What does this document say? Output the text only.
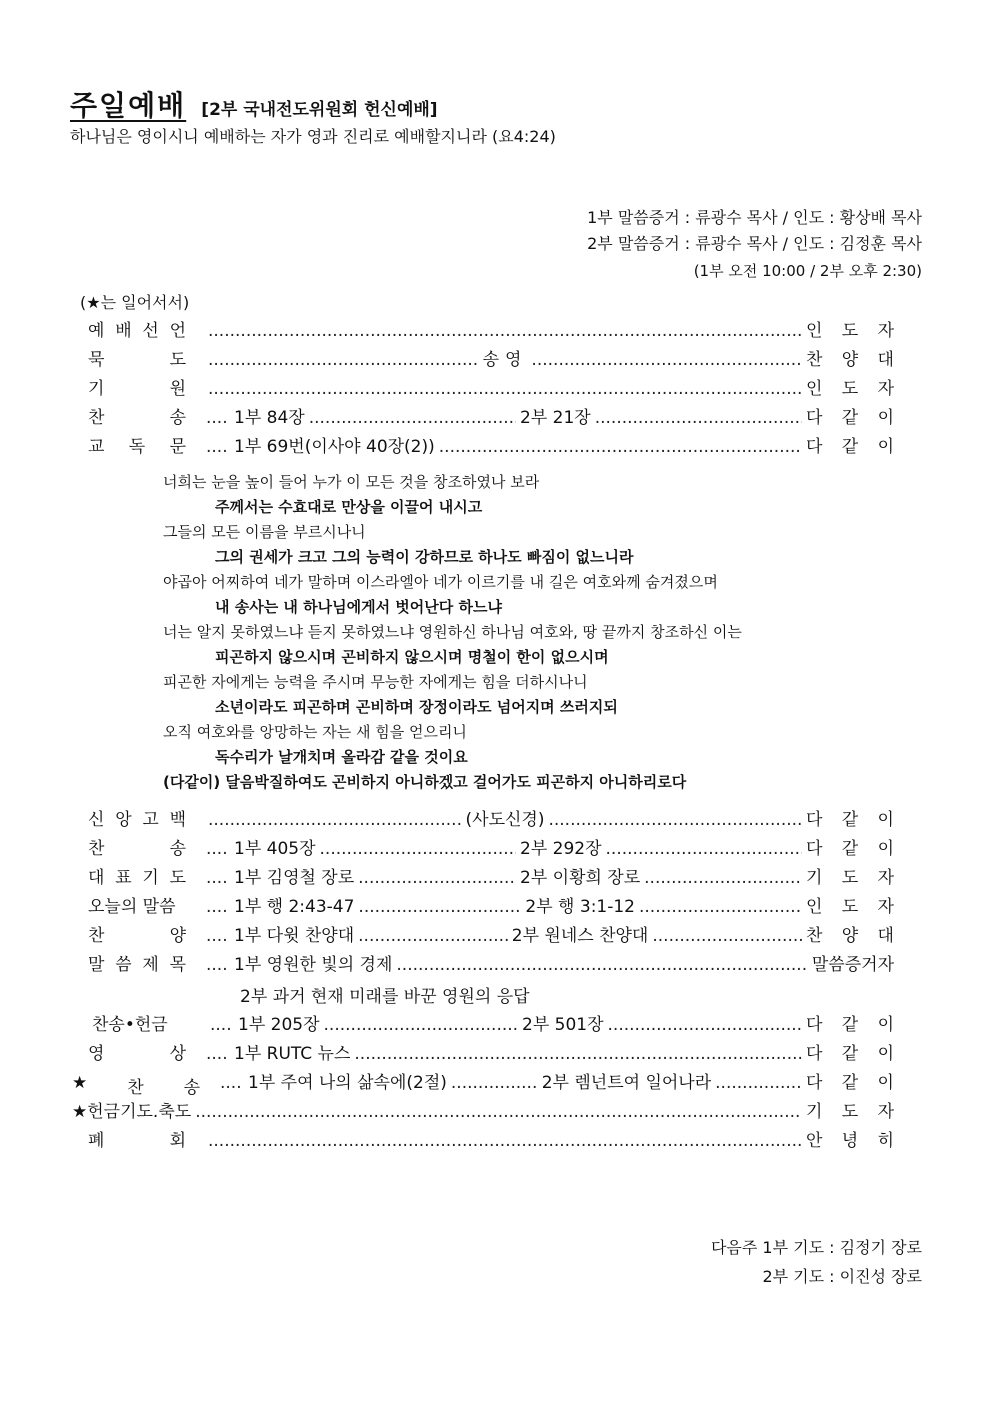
주일예배 [2부 국내전도위원회 헌신예배]
하나님은 영이시니 예배하는 자가 영과 진리로 예배할지니라 (요4:24)
1부 말씀증거 : 류광수 목사 / 인도 : 황상배 목사
2부 말씀증거 : 류광수 목사 / 인도 : 김정훈 목사
(1부 오전 10:00 / 2부 오후 2:30)
(★는 일어서서)
예 배 선 언 .....	인 도 자
묵	도 .....	송영 .....	찬 양 대
기	원 .....	인 도 자
찬	송 .....	1부 84장 .....	2부 21장 .....	다 같 이
교 독 문 .....	1부 69번(이사야 40장(2)) .....	다 같 이
너희는 눈을 높이 들어 누가 이 모든 것을 창조하였나 보라
주께서는 수효대로 만상을 이끌어 내시고
그들의 모든 이름을 부르시나니
그의 권세가 크고 그의 능력이 강하므로 하나도 빠짐이 없느니라
야곱아 어찌하여 네가 말하며 이스라엘아 네가 이르기를 내 길은 여호와께 숨겨졌으며
내 송사는 내 하나님에게서 벗어난다 하느냐
너는 알지 못하였느냐 듣지 못하였느냐 영원하신 하나님 여호와, 땅 끝까지 창조하신 이는
피곤하지 않으시며 곤비하지 않으시며 명철이 한이 없으시며
피곤한 자에게는 능력을 주시며 무능한 자에게는 힘을 더하시나니
소년이라도 피곤하며 곤비하며 장정이라도 넘어지며 쓰러지되
오직 여호와를 앙망하는 자는 새 힘을 얻으리니
독수리가 날개치며 올라감 같을 것이요
(다같이) 달음박질하여도 곤비하지 아니하겠고 걸어가도 피곤하지 아니하리로다
신 앙 고 백 .....	(사도신경) .....	다 같 이
찬	송 .....	1부 405장 .....	2부 292장 .....	다 같 이
대 표 기 도 .....	1부 김영철 장로 .....	2부 이황희 장로 .....	기 도 자
오늘의 말씀 .....	1부 행 2:43-47 .....	2부 행 3:1-12 .....	인 도 자
찬	양 .....	1부 다윗 찬양대 .....	2부 원네스 찬양대 .....	찬 양 대
말 씀 제 목 .....	1부 영원한 빛의 경제 .....	말씀증거자
2부 과거 현재 미래를 바꾼 영원의 응답
찬송•헌금 .....	1부 205장 .....	2부 501장 .....	다 같 이
영	상 .....	1부 RUTC 뉴스 .....	다 같 이
★ 찬 송 .....	1부 주여 나의 삶속에(2절) .....	2부 렘넌트여 일어나라 .....	다 같 이
★헌금기도.축도 .....	기 도 자
폐	회 .....	안 녕 히
다음주 1부 기도 : 김정기 장로
2부 기도 : 이진성 장로
